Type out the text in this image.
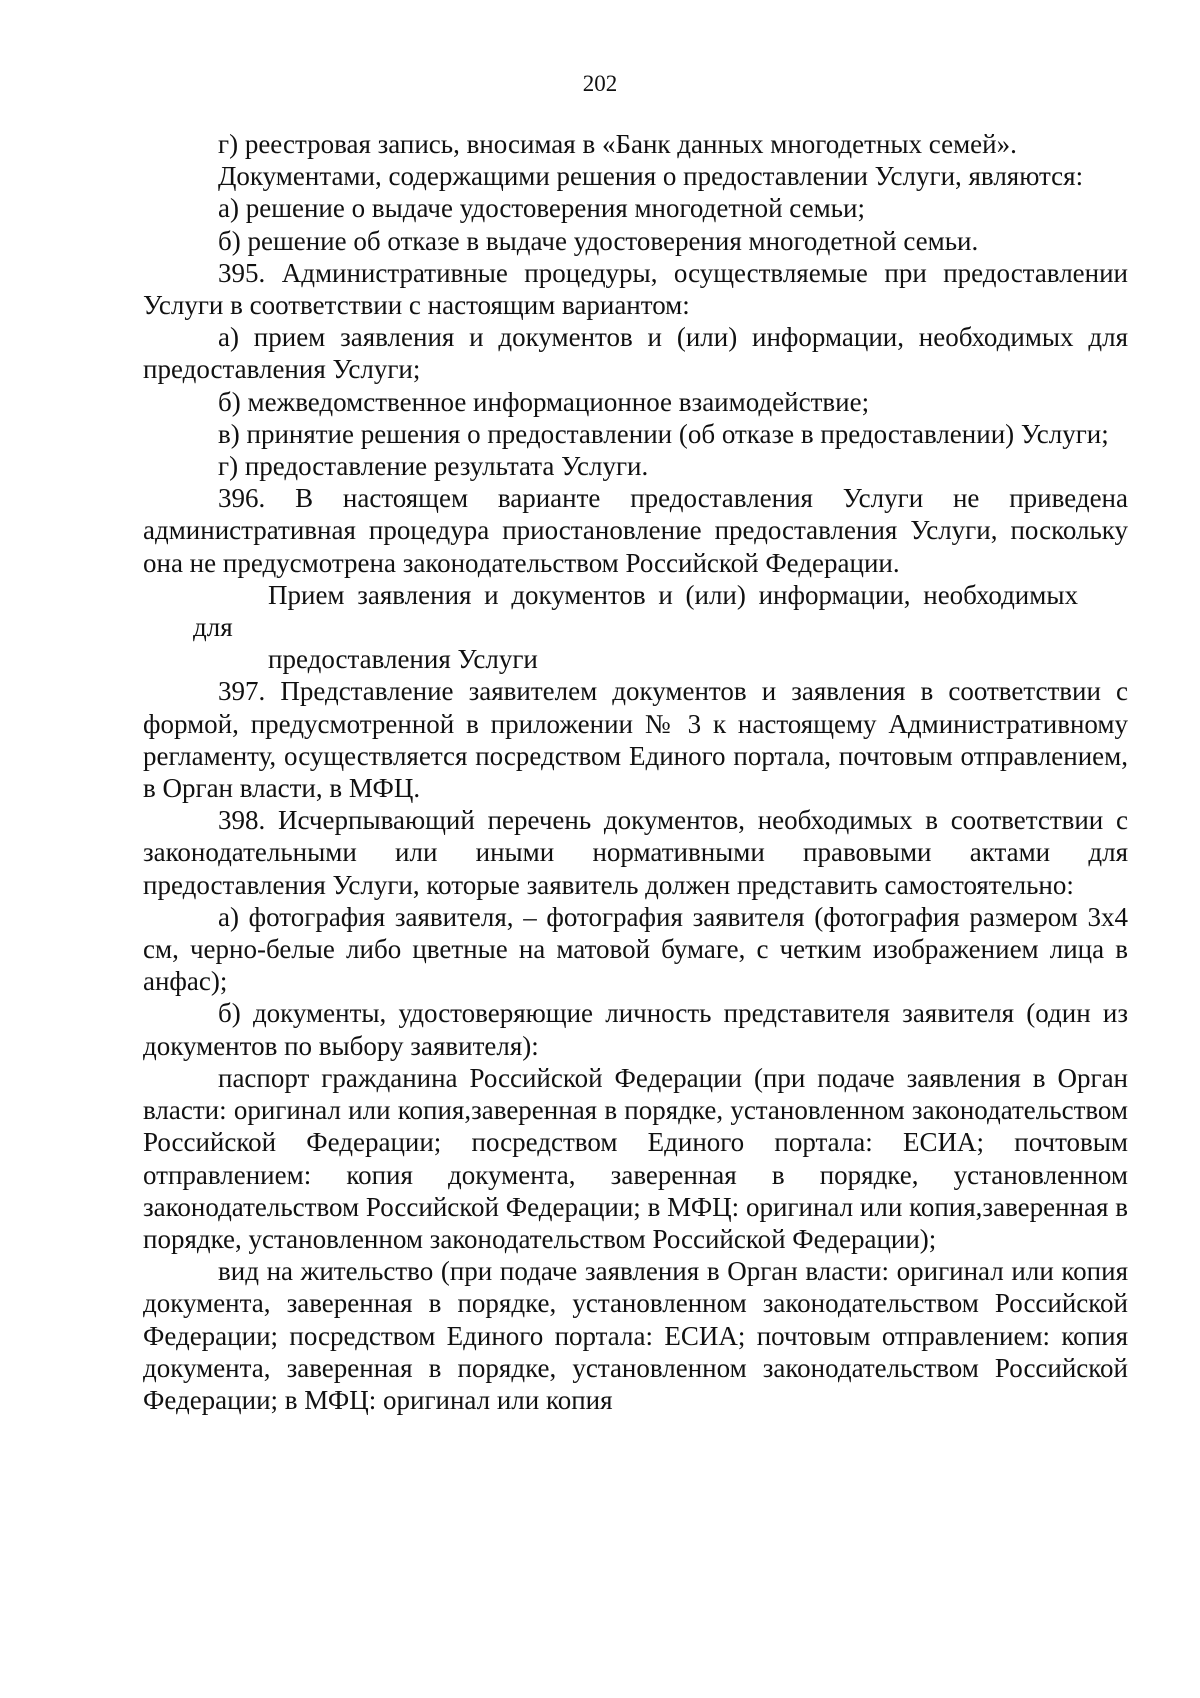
202

г) реестровая запись, вносимая в «Банк данных многодетных семей».

Документами, содержащими решения о предоставлении Услуги, являются:

а) решение о выдаче удостоверения многодетной семьи;

б) решение об отказе в выдаче удостоверения многодетной семьи.

395. Административные процедуры, осуществляемые при предоставлении Услуги в соответствии с настоящим вариантом:

а) прием заявления и документов и (или) информации, необходимых для предоставления Услуги;

б) межведомственное информационное взаимодействие;

в) принятие решения о предоставлении (об отказе в предоставлении) Услуги;

г) предоставление результата Услуги.

396. В настоящем варианте предоставления Услуги не приведена административная процедура приостановление предоставления Услуги, поскольку она не предусмотрена законодательством Российской Федерации.

Прием заявления и документов и (или) информации, необходимых для
предоставления Услуги

397. Представление заявителем документов и заявления в соответствии с формой, предусмотренной в приложении № 3 к настоящему Административному регламенту, осуществляется посредством Единого портала, почтовым отправлением, в Орган власти, в МФЦ.

398. Исчерпывающий перечень документов, необходимых в соответствии с законодательными или иными нормативными правовыми актами для предоставления Услуги, которые заявитель должен представить самостоятельно:

а) фотография заявителя, – фотография заявителя (фотография размером 3х4 см, черно-белые либо цветные на матовой бумаге, с четким изображением лица в анфас);

б) документы, удостоверяющие личность представителя заявителя (один из документов по выбору заявителя):

паспорт гражданина Российской Федерации (при подаче заявления в Орган власти: оригинал или копия,заверенная в порядке, установленном законодательством Российской Федерации; посредством Единого портала: ЕСИА; почтовым отправлением: копия документа, заверенная в порядке, установленном законодательством Российской Федерации; в МФЦ: оригинал или копия,заверенная в порядке, установленном законодательством Российской Федерации);

вид на жительство (при подаче заявления в Орган власти: оригинал или копия документа, заверенная в порядке, установленном законодательством Российской Федерации; посредством Единого портала: ЕСИА; почтовым отправлением: копия документа, заверенная в порядке, установленном законодательством Российской Федерации; в МФЦ: оригинал или копия
